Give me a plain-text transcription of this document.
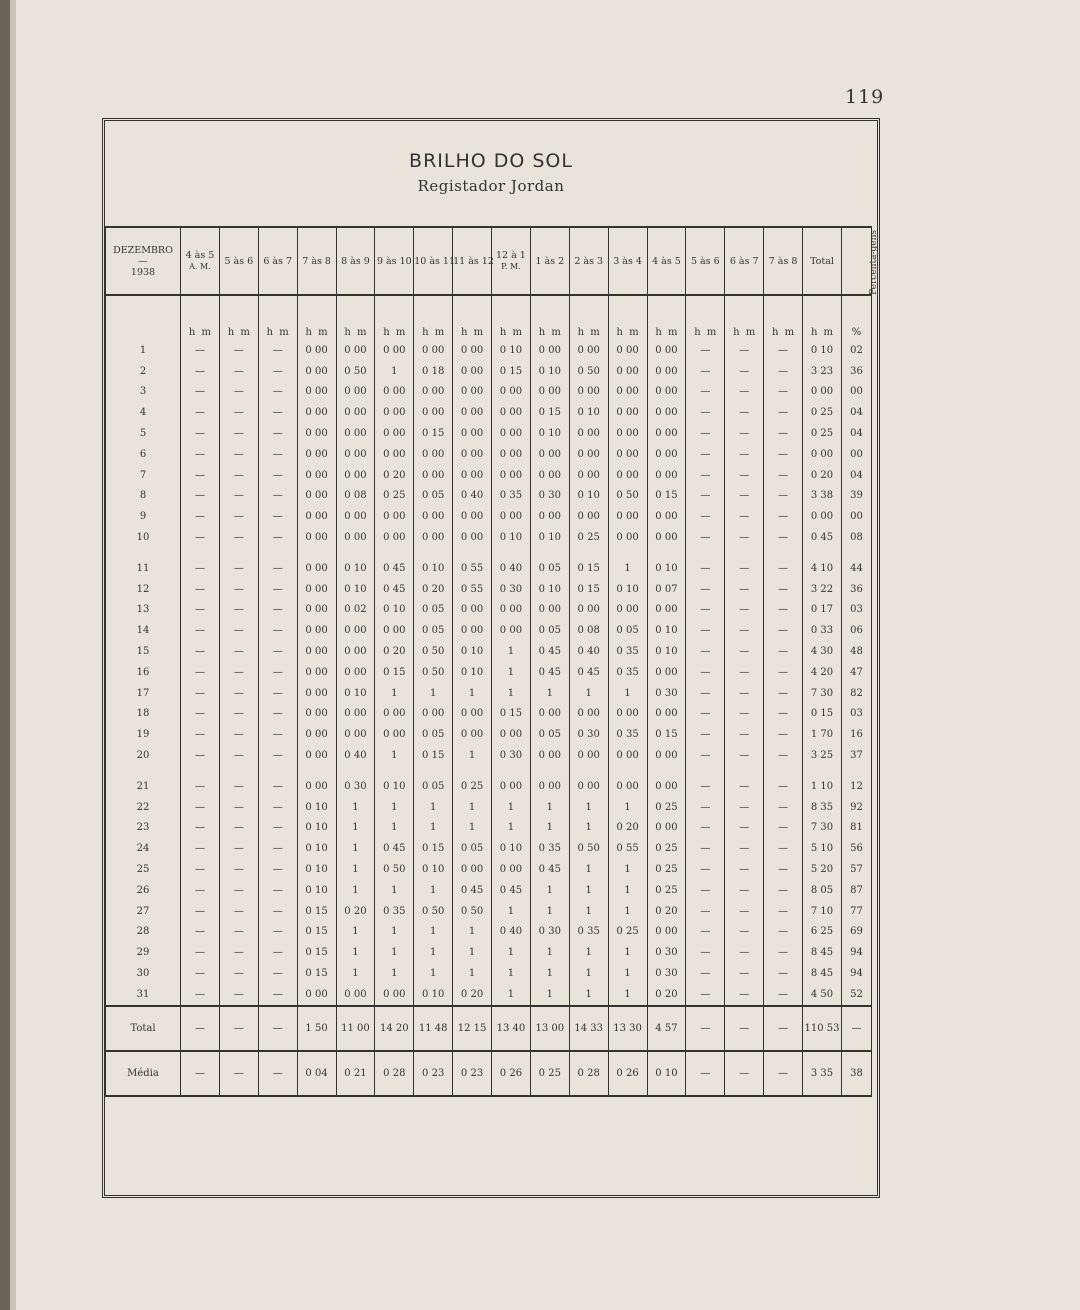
119
BRILHO DO SOL
Registador Jordan
DEZEMBRO
—
1938	4 às 5
A. M.	5 às 6	6 às 7	7 às 8	8 às 9	9 às 10	10 às 11	11 às 12	12 à 1
P. M.	1 às 2	2 às 3	3 às 4	4 às 5	5 às 6	6 às 7	7 às 8	Total	Percenta-gens
	h m	h m	h m	h m	h m	h m	h m	h m	h m	h m	h m	h m	h m	h m	h m	h m	h m	%
1	—	—	—	0 00	0 00	0 00	0 00	0 00	0 10	0 00	0 00	0 00	0 00	—	—	—	0 10	02
2	—	—	—	0 00	0 50	1	0 18	0 00	0 15	0 10	0 50	0 00	0 00	—	—	—	3 23	36
3	—	—	—	0 00	0 00	0 00	0 00	0 00	0 00	0 00	0 00	0 00	0 00	—	—	—	0 00	00
4	—	—	—	0 00	0 00	0 00	0 00	0 00	0 00	0 15	0 10	0 00	0 00	—	—	—	0 25	04
5	—	—	—	0 00	0 00	0 00	0 15	0 00	0 00	0 10	0 00	0 00	0 00	—	—	—	0 25	04
6	—	—	—	0 00	0 00	0 00	0 00	0 00	0 00	0 00	0 00	0 00	0 00	—	—	—	0 00	00
7	—	—	—	0 00	0 00	0 20	0 00	0 00	0 00	0 00	0 00	0 00	0 00	—	—	—	0 20	04
8	—	—	—	0 00	0 08	0 25	0 05	0 40	0 35	0 30	0 10	0 50	0 15	—	—	—	3 38	39
9	—	—	—	0 00	0 00	0 00	0 00	0 00	0 00	0 00	0 00	0 00	0 00	—	—	—	0 00	00
10	—	—	—	0 00	0 00	0 00	0 00	0 00	0 10	0 10	0 25	0 00	0 00	—	—	—	0 45	08

11	—	—	—	0 00	0 10	0 45	0 10	0 55	0 40	0 05	0 15	1	0 10	—	—	—	4 10	44
12	—	—	—	0 00	0 10	0 45	0 20	0 55	0 30	0 10	0 15	0 10	0 07	—	—	—	3 22	36
13	—	—	—	0 00	0 02	0 10	0 05	0 00	0 00	0 00	0 00	0 00	0 00	—	—	—	0 17	03
14	—	—	—	0 00	0 00	0 00	0 05	0 00	0 00	0 05	0 08	0 05	0 10	—	—	—	0 33	06
15	—	—	—	0 00	0 00	0 20	0 50	0 10	1	0 45	0 40	0 35	0 10	—	—	—	4 30	48
16	—	—	—	0 00	0 00	0 15	0 50	0 10	1	0 45	0 45	0 35	0 00	—	—	—	4 20	47
17	—	—	—	0 00	0 10	1	1	1	1	1	1	1	0 30	—	—	—	7 30	82
18	—	—	—	0 00	0 00	0 00	0 00	0 00	0 15	0 00	0 00	0 00	0 00	—	—	—	0 15	03
19	—	—	—	0 00	0 00	0 00	0 05	0 00	0 00	0 05	0 30	0 35	0 15	—	—	—	1 70	16
20	—	—	—	0 00	0 40	1	0 15	1	0 30	0 00	0 00	0 00	0 00	—	—	—	3 25	37

21	—	—	—	0 00	0 30	0 10	0 05	0 25	0 00	0 00	0 00	0 00	0 00	—	—	—	1 10	12
22	—	—	—	0 10	1	1	1	1	1	1	1	1	0 25	—	—	—	8 35	92
23	—	—	—	0 10	1	1	1	1	1	1	1	0 20	0 00	—	—	—	7 30	81
24	—	—	—	0 10	1	0 45	0 15	0 05	0 10	0 35	0 50	0 55	0 25	—	—	—	5 10	56
25	—	—	—	0 10	1	0 50	0 10	0 00	0 00	0 45	1	1	0 25	—	—	—	5 20	57
26	—	—	—	0 10	1	1	1	0 45	0 45	1	1	1	0 25	—	—	—	8 05	87
27	—	—	—	0 15	0 20	0 35	0 50	0 50	1	1	1	1	0 20	—	—	—	7 10	77
28	—	—	—	0 15	1	1	1	1	0 40	0 30	0 35	0 25	0 00	—	—	—	6 25	69
29	—	—	—	0 15	1	1	1	1	1	1	1	1	0 30	—	—	—	8 45	94
30	—	—	—	0 15	1	1	1	1	1	1	1	1	0 30	—	—	—	8 45	94
31	—	—	—	0 00	0 00	0 00	0 10	0 20	1	1	1	1	0 20	—	—	—	4 50	52
Total	—	—	—	1 50	11 00	14 20	11 48	12 15	13 40	13 00	14 33	13 30	4 57	—	—	—	110 53	—
Média	—	—	—	0 04	0 21	0 28	0 23	0 23	0 26	0 25	0 28	0 26	0 10	—	—	—	3 35	38
